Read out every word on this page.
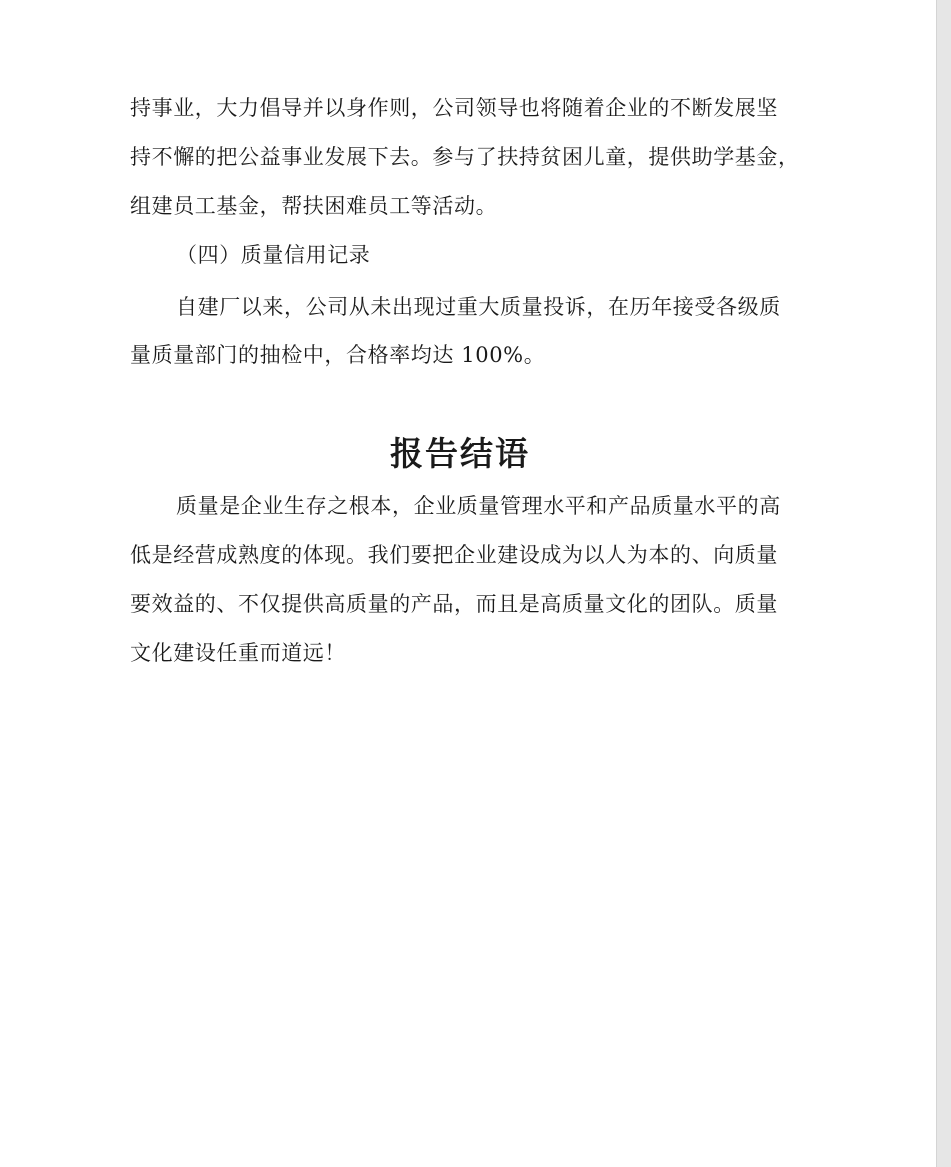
持事业，大力倡导并以身作则，公司领导也将随着企业的不断发展坚
持不懈的把公益事业发展下去。参与了扶持贫困儿童，提供助学基金，
组建员工基金，帮扶困难员工等活动。
（四）质量信用记录
自建厂以来，公司从未出现过重大质量投诉，在历年接受各级质
量质量部门的抽检中，合格率均达 100%。
报告结语
质量是企业生存之根本，企业质量管理水平和产品质量水平的高
低是经营成熟度的体现。我们要把企业建设成为以人为本的、向质量
要效益的、不仅提供高质量的产品，而且是高质量文化的团队。质量
文化建设任重而道远！
